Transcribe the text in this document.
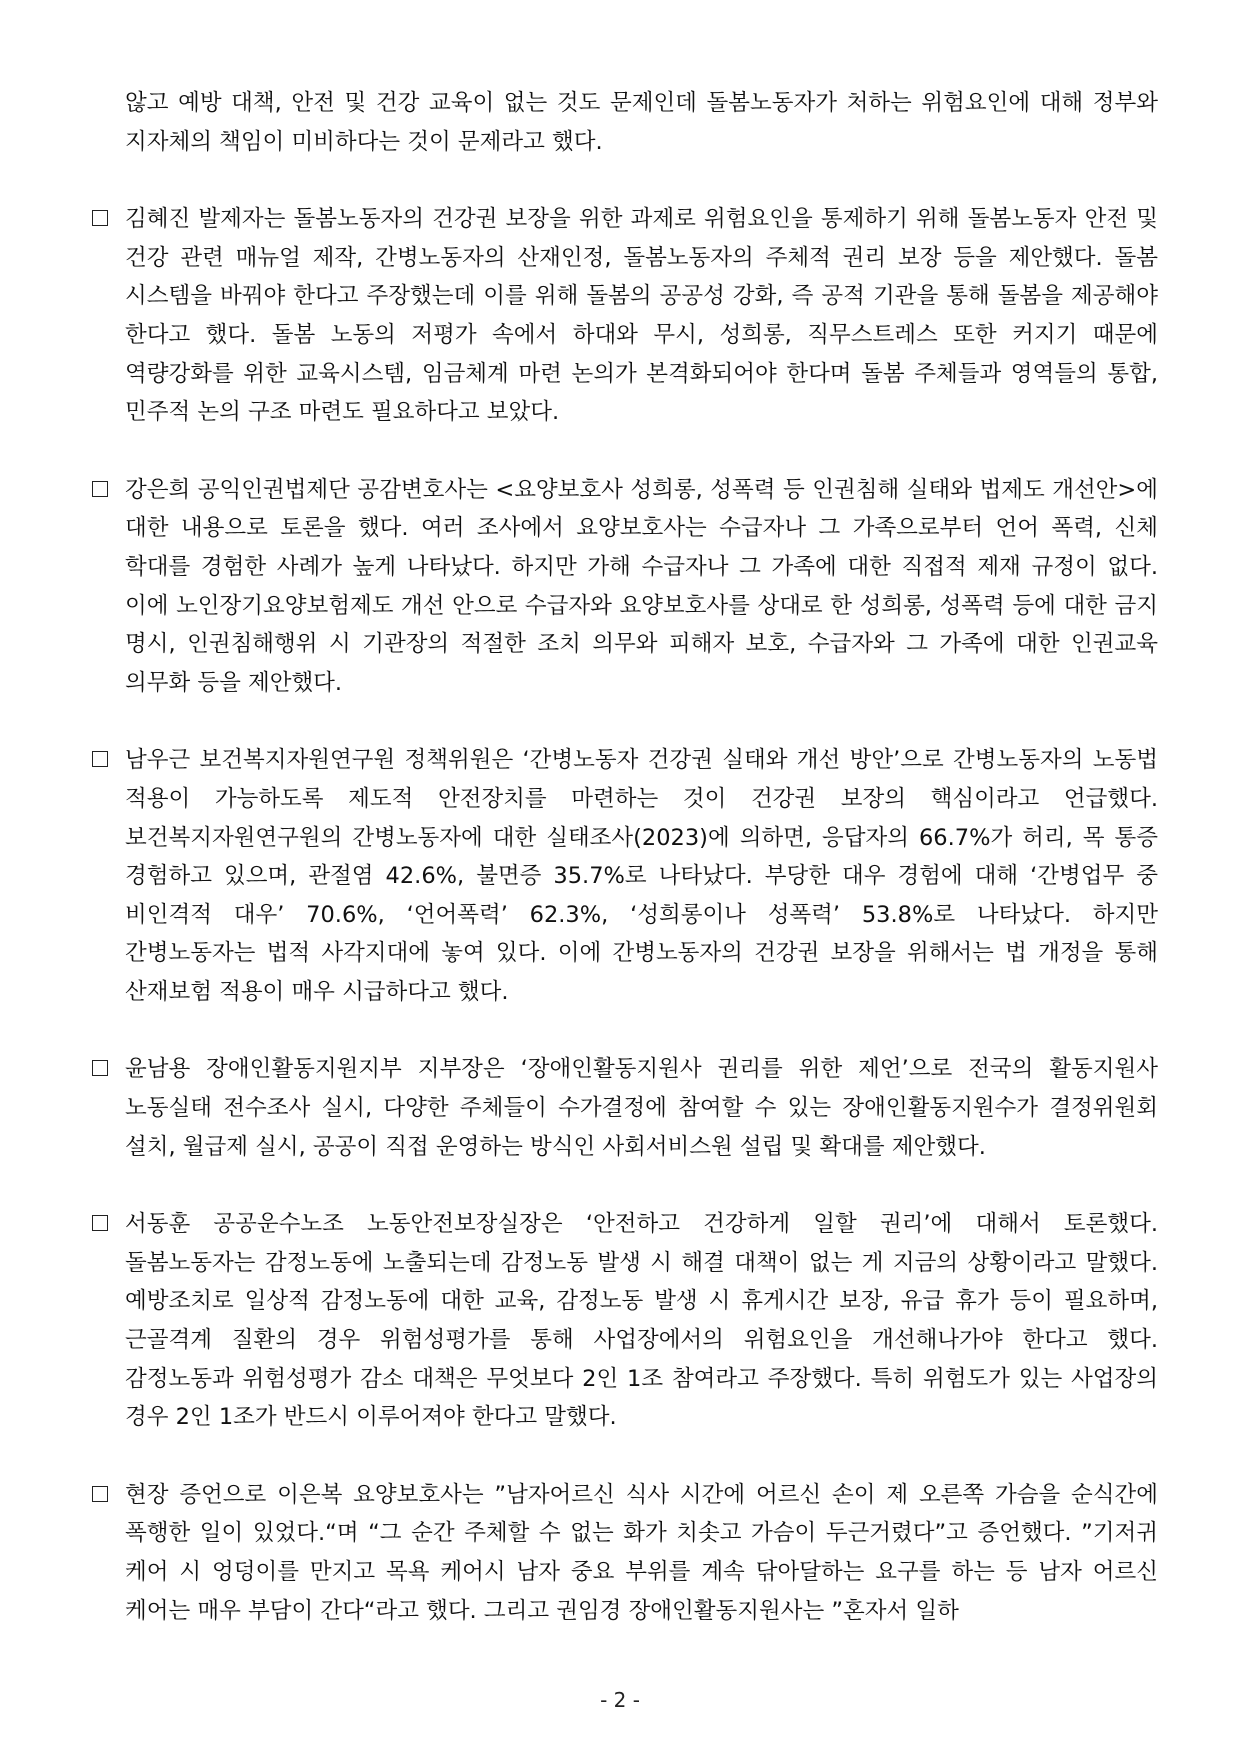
않고 예방 대책, 안전 및 건강 교육이 없는 것도 문제인데 돌봄노동자가 처하는 위험요인에 대해 정부와 지자체의 책임이 미비하다는 것이 문제라고 했다.
김혜진 발제자는 돌봄노동자의 건강권 보장을 위한 과제로 위험요인을 통제하기 위해 돌봄노동자 안전 및 건강 관련 매뉴얼 제작, 간병노동자의 산재인정, 돌봄노동자의 주체적 권리 보장 등을 제안했다. 돌봄 시스템을 바꿔야 한다고 주장했는데 이를 위해 돌봄의 공공성 강화, 즉 공적 기관을 통해 돌봄을 제공해야 한다고 했다. 돌봄 노동의 저평가 속에서 하대와 무시, 성희롱, 직무스트레스 또한 커지기 때문에 역량강화를 위한 교육시스템, 임금체계 마련 논의가 본격화되어야 한다며 돌봄 주체들과 영역들의 통합, 민주적 논의 구조 마련도 필요하다고 보았다.
강은희 공익인권법제단 공감변호사는 <요양보호사 성희롱, 성폭력 등 인권침해 실태와 법제도 개선안>에 대한 내용으로 토론을 했다. 여러 조사에서 요양보호사는 수급자나 그 가족으로부터 언어 폭력, 신체 학대를 경험한 사례가 높게 나타났다. 하지만 가해 수급자나 그 가족에 대한 직접적 제재 규정이 없다. 이에 노인장기요양보험제도 개선 안으로 수급자와 요양보호사를 상대로 한 성희롱, 성폭력 등에 대한 금지 명시, 인권침해행위 시 기관장의 적절한 조치 의무와 피해자 보호, 수급자와 그 가족에 대한 인권교육 의무화 등을 제안했다.
남우근 보건복지자원연구원 정책위원은 ‘간병노동자 건강권 실태와 개선 방안’으로 간병노동자의 노동법 적용이 가능하도록 제도적 안전장치를 마련하는 것이 건강권 보장의 핵심이라고 언급했다. 보건복지자원연구원의 간병노동자에 대한 실태조사(2023)에 의하면, 응답자의 66.7%가 허리, 목 통증 경험하고 있으며, 관절염 42.6%, 불면증 35.7%로 나타났다. 부당한 대우 경험에 대해 ‘간병업무 중 비인격적 대우’ 70.6%, ‘언어폭력’ 62.3%, ‘성희롱이나 성폭력’ 53.8%로 나타났다. 하지만 간병노동자는 법적 사각지대에 놓여 있다. 이에 간병노동자의 건강권 보장을 위해서는 법 개정을 통해 산재보험 적용이 매우 시급하다고 했다.
윤남용 장애인활동지원지부 지부장은 ‘장애인활동지원사 권리를 위한 제언’으로 전국의 활동지원사 노동실태 전수조사 실시, 다양한 주체들이 수가결정에 참여할 수 있는 장애인활동지원수가 결정위원회 설치, 월급제 실시, 공공이 직접 운영하는 방식인 사회서비스원 설립 및 확대를 제안했다.
서동훈 공공운수노조 노동안전보장실장은 ‘안전하고 건강하게 일할 권리’에 대해서 토론했다. 돌봄노동자는 감정노동에 노출되는데 감정노동 발생 시 해결 대책이 없는 게 지금의 상황이라고 말했다. 예방조치로 일상적 감정노동에 대한 교육, 감정노동 발생 시 휴게시간 보장, 유급 휴가 등이 필요하며, 근골격계 질환의 경우 위험성평가를 통해 사업장에서의 위험요인을 개선해나가야 한다고 했다. 감정노동과 위험성평가 감소 대책은 무엇보다 2인 1조 참여라고 주장했다. 특히 위험도가 있는 사업장의 경우 2인 1조가 반드시 이루어져야 한다고 말했다.
현장 증언으로 이은복 요양보호사는 ”남자어르신 식사 시간에 어르신 손이 제 오른쪽 가슴을 순식간에 폭행한 일이 있었다.“며 “그 순간 주체할 수 없는 화가 치솟고 가슴이 두근거렸다”고 증언했다. ”기저귀 케어 시 엉덩이를 만지고 목욕 케어시 남자 중요 부위를 계속 닦아달하는 요구를 하는 등 남자 어르신 케어는 매우 부담이 간다“라고 했다. 그리고 권임경 장애인활동지원사는 ”혼자서 일하
- 2 -
